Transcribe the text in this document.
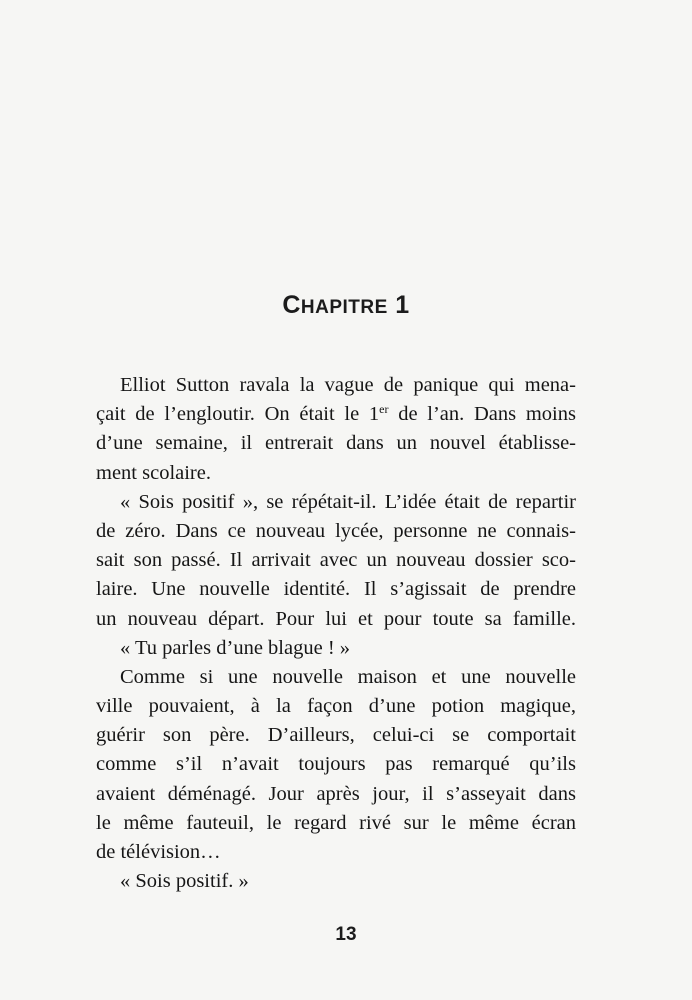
CHAPITRE 1
Elliot Sutton ravala la vague de panique qui mena-
çait de l’engloutir. On était le 1er de l’an. Dans moins
d’une semaine, il entrerait dans un nouvel établisse-
ment scolaire.
« Sois positif », se répétait-il. L’idée était de repartir
de zéro. Dans ce nouveau lycée, personne ne connais-
sait son passé. Il arrivait avec un nouveau dossier sco-
laire. Une nouvelle identité. Il s’agissait de prendre
un nouveau départ. Pour lui et pour toute sa famille.
« Tu parles d’une blague ! »
Comme si une nouvelle maison et une nouvelle
ville pouvaient, à la façon d’une potion magique,
guérir son père. D’ailleurs, celui-ci se comportait
comme s’il n’avait toujours pas remarqué qu’ils
avaient déménagé. Jour après jour, il s’asseyait dans
le même fauteuil, le regard rivé sur le même écran
de télévision…
« Sois positif. »
13
